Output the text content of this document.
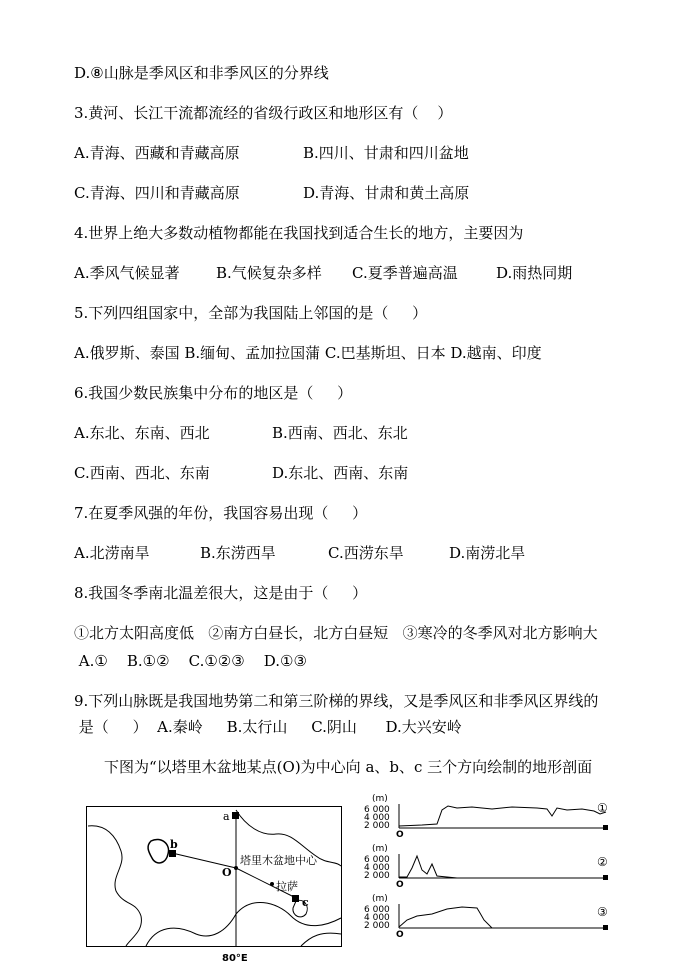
D.⑧山脉是季风区和非季风区的分界线
3.黄河、长江干流都流经的省级行政区和地形区有（    ）
A.青海、西藏和青藏高原	B.四川、甘肃和四川盆地
C.青海、四川和青藏高原	D.青海、甘肃和黄土高原
4.世界上绝大多数动植物都能在我国找到适合生长的地方，主要因为
A.季风气候显著 B.气候复杂多样 C.夏季普遍高温	D.雨热同期
5.下列四组国家中，全部为我国陆上邻国的是（     ）
A.俄罗斯、泰国 B.缅甸、孟加拉国蒲 C.巴基斯坦、日本 D.越南、印度
6.我国少数民族集中分布的地区是（     ）
A.东北、东南、西北	B.西南、西北、东北
C.西南、西北、东南	D.东北、西南、东南
7.在夏季风强的年份，我国容易出现（     ）
A.北涝南旱	B.东涝西旱	C.西涝东旱	D.南涝北旱
8.我国冬季南北温差很大，这是由于（     ）
①北方太阳高度低   ②南方白昼长，北方白昼短   ③寒冷的冬季风对北方影响大
A.①    B.①②    C.①②③    D.①③
9.下列山脉既是我国地势第二和第三阶梯的界线，又是季风区和非季风区界线的
是（     ）  A.秦岭     B.太行山     C.阴山      D.大兴安岭
下图为“以塔里木盆地某点(O)为中心向 a、b、c 三个方向绘制的地形剖面
a
b
c
O
塔里木盆地中心
拉萨
80°E
(m)
6 000
4 000
2 000
O
①
(m)
6 000
4 000
2 000
O
②
(m)
6 000
4 000
2 000
O
③
